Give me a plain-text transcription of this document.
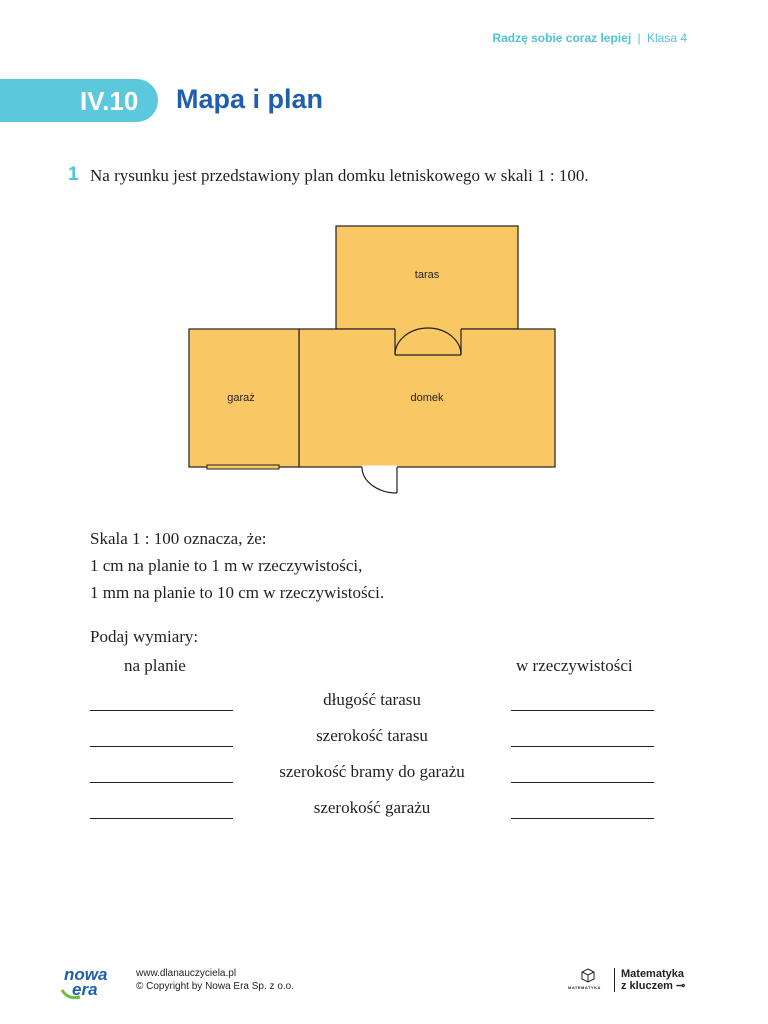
Radzę sobie coraz lepiej | Klasa 4
IV.10 Mapa i plan
1 Na rysunku jest przedstawiony plan domku letniskowego w skali 1 : 100.
taras
garaż	domek
Skala 1 : 100 oznacza, że:
1 cm na planie to 1 m w rzeczywistości,
1 mm na planie to 10 cm w rzeczywistości.
Podaj wymiary:
na planie	w rzeczywistości
długość tarasu
szerokość tarasu
szerokość bramy do garażu
szerokość garażu
nowa
era
www.dlanauczyciela.pl
© Copyright by Nowa Era Sp. z o.o.	MATEMATYKA
Matematyka
z kluczem ⊸
